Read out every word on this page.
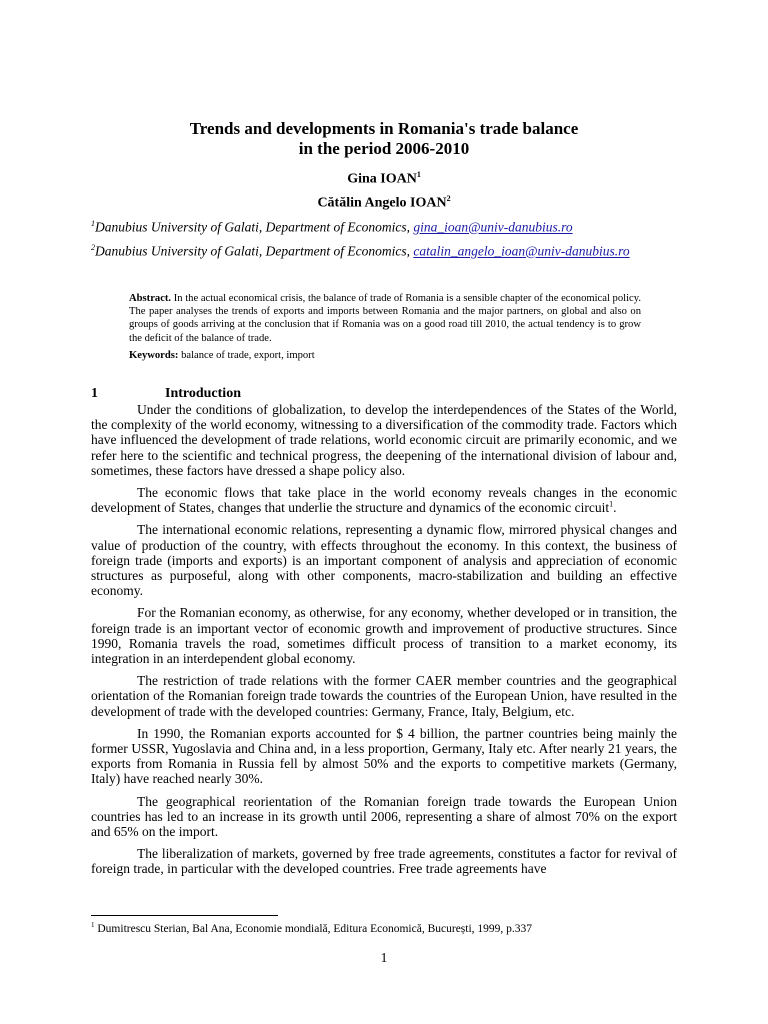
Trends and developments in Romania's trade balance
in the period 2006-2010
Gina IOAN$^1$
Cătălin Angelo IOAN$^2$
$^1$Danubius University of Galati, Department of Economics, gina_ioan@univ-danubius.ro
$^2$Danubius University of Galati, Department of Economics, catalin_angelo_ioan@univ-danubius.ro
Abstract. In the actual economical crisis, the balance of trade of Romania is a sensible chapter of the economical policy. The paper analyses the trends of exports and imports between Romania and the major partners, on global and also on groups of goods arriving at the conclusion that if Romania was on a good road till 2010, the actual tendency is to grow the deficit of the balance of trade.
Keywords: balance of trade, export, import
1	Introduction

Under the conditions of globalization, to develop the interdependences of the States of the World, the complexity of the world economy, witnessing to a diversification of the commodity trade. Factors which have influenced the development of trade relations, world economic circuit are primarily economic, and we refer here to the scientific and technical progress, the deepening of the international division of labour and, sometimes, these factors have dressed a shape policy also.

The economic flows that take place in the world economy reveals changes in the economic development of States, changes that underlie the structure and dynamics of the economic circuit$^1$.

The international economic relations, representing a dynamic flow, mirrored physical changes and value of production of the country, with effects throughout the economy. In this context, the business of foreign trade (imports and exports) is an important component of analysis and appreciation of economic structures as purposeful, along with other components, macro-stabilization and building an effective economy.

For the Romanian economy, as otherwise, for any economy, whether developed or in transition, the foreign trade is an important vector of economic growth and improvement of productive structures. Since 1990, Romania travels the road, sometimes difficult process of transition to a market economy, its integration in an interdependent global economy.

The restriction of trade relations with the former CAER member countries and the geographical orientation of the Romanian foreign trade towards the countries of the European Union, have resulted in the development of trade with the developed countries: Germany, France, Italy, Belgium, etc.

In 1990, the Romanian exports accounted for $ 4 billion, the partner countries being mainly the former USSR, Yugoslavia and China and, in a less proportion, Germany, Italy etc. After nearly 21 years, the exports from Romania in Russia fell by almost 50% and the exports to competitive markets (Germany, Italy) have reached nearly 30%.

The geographical reorientation of the Romanian foreign trade towards the European Union countries has led to an increase in its growth until 2006, representing a share of almost 70% on the export and 65% on the import.

The liberalization of markets, governed by free trade agreements, constitutes a factor for revival of foreign trade, in particular with the developed countries. Free trade agreements have

$^1$ Dumitrescu Sterian, Bal Ana, Economie mondială, Editura Economică, București, 1999, p.337
1
